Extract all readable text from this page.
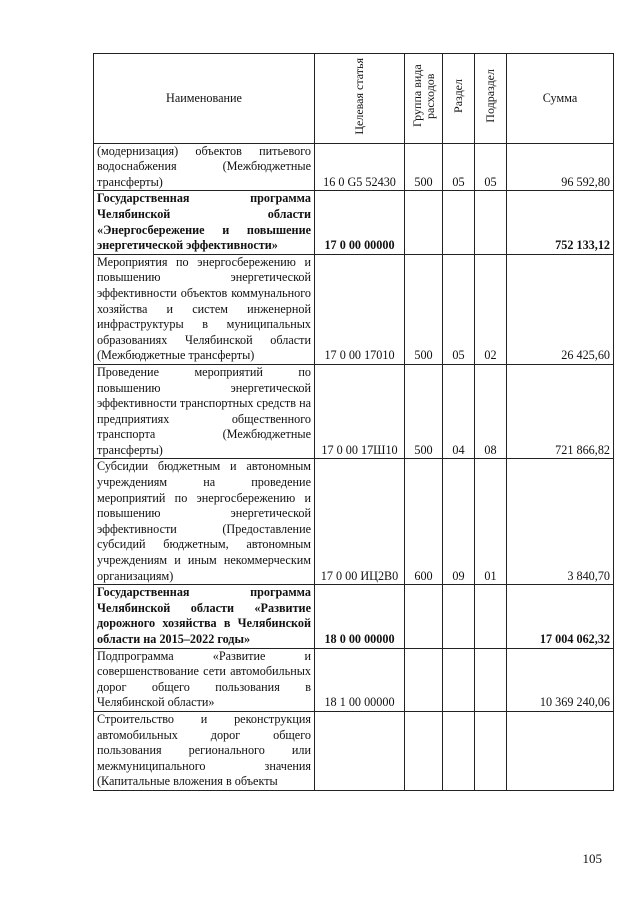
Наименование	Целевая статья	Группа вида расходов	Раздел	Подраздел	Сумма
(модернизация) объектов питьевого водоснабжения (Межбюджетные трансферты)	16 0 G5 52430	500	05	05	96 592,80
Государственная программа Челябинской области «Энергосбережение и повышение энергетической эффективности»	17 0 00 00000				752 133,12
Мероприятия по энергосбережению и повышению энергетической эффективности объектов коммунального хозяйства и систем инженерной инфраструктуры в муниципальных образованиях Челябинской области (Межбюджетные трансферты)	17 0 00 17010	500	05	02	26 425,60
Проведение мероприятий по повышению энергетической эффективности транспортных средств на предприятиях общественного транспорта (Межбюджетные трансферты)	17 0 00 17Ш10	500	04	08	721 866,82
Субсидии бюджетным и автономным учреждениям на проведение мероприятий по энергосбережению и повышению энергетической эффективности (Предоставление субсидий бюджетным, автономным учреждениям и иным некоммерческим организациям)	17 0 00 ИЦ2В0	600	09	01	3 840,70
Государственная программа Челябинской области «Развитие дорожного хозяйства в Челябинской области на 2015–2022 годы»	18 0 00 00000				17 004 062,32
Подпрограмма «Развитие и совершенствование сети автомобильных дорог общего пользования в Челябинской области»	18 1 00 00000				10 369 240,06
Строительство и реконструкция автомобильных дорог общего пользования регионального или межмуниципального значения (Капитальные вложения в объекты					
105
